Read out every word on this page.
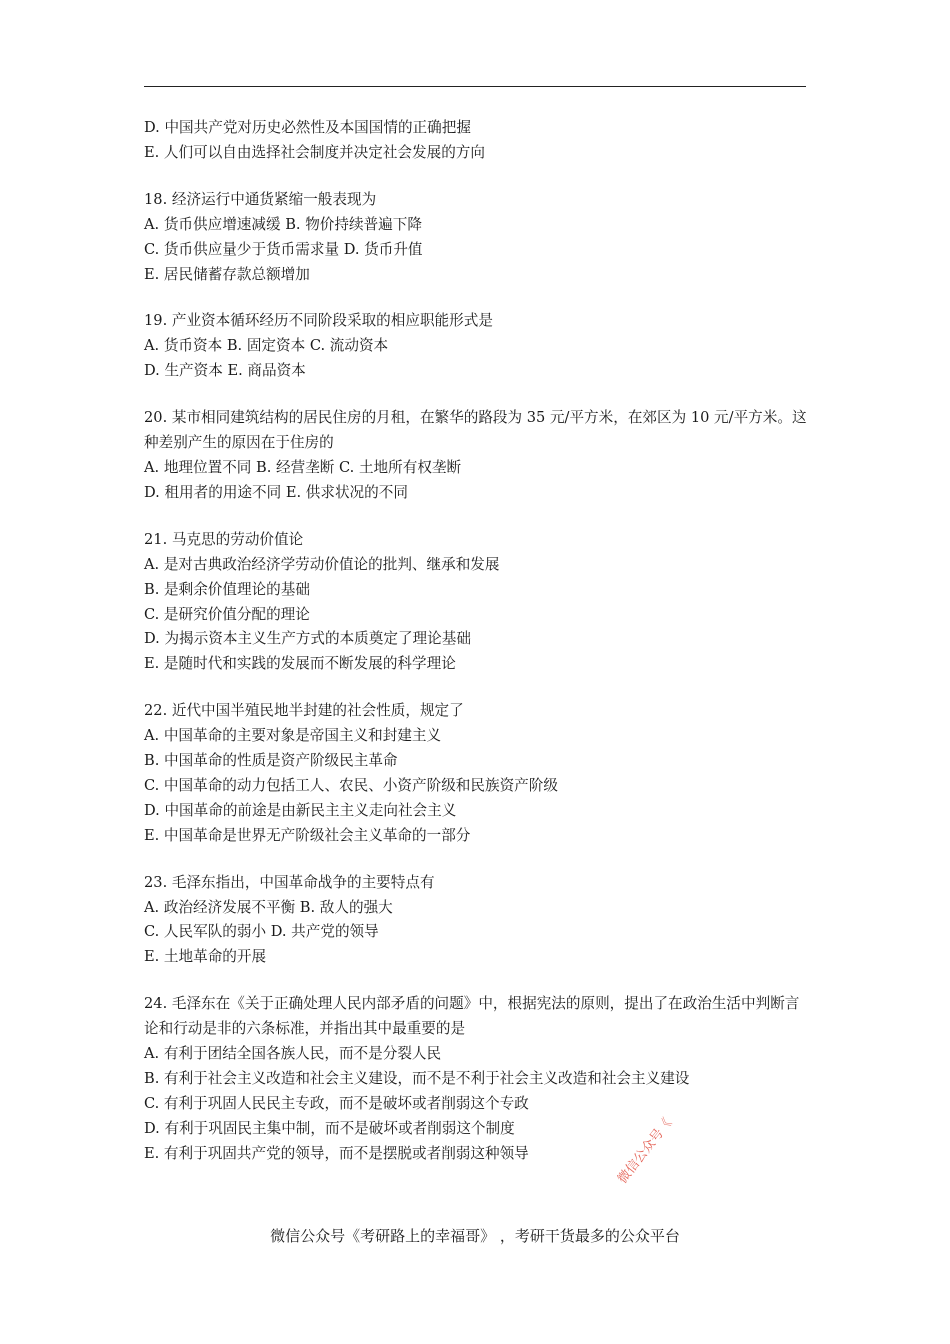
D. 中国共产党对历史必然性及本国国情的正确把握
E. 人们可以自由选择社会制度并决定社会发展的方向
18. 经济运行中通货紧缩一般表现为
A. 货币供应增速减缓 B. 物价持续普遍下降
C. 货币供应量少于货币需求量 D. 货币升值
E. 居民储蓄存款总额增加
19. 产业资本循环经历不同阶段采取的相应职能形式是
A. 货币资本 B. 固定资本 C. 流动资本
D. 生产资本 E. 商品资本
20. 某市相同建筑结构的居民住房的月租，在繁华的路段为 35 元/平方米，在郊区为 10 元/平方米。这种差别产生的原因在于住房的
A. 地理位置不同 B. 经营垄断 C. 土地所有权垄断
D. 租用者的用途不同 E. 供求状况的不同
21. 马克思的劳动价值论
A. 是对古典政治经济学劳动价值论的批判、继承和发展
B. 是剩余价值理论的基础
C. 是研究价值分配的理论
D. 为揭示资本主义生产方式的本质奠定了理论基础
E. 是随时代和实践的发展而不断发展的科学理论
22. 近代中国半殖民地半封建的社会性质，规定了
A. 中国革命的主要对象是帝国主义和封建主义
B. 中国革命的性质是资产阶级民主革命
C. 中国革命的动力包括工人、农民、小资产阶级和民族资产阶级
D. 中国革命的前途是由新民主主义走向社会主义
E. 中国革命是世界无产阶级社会主义革命的一部分
23. 毛泽东指出，中国革命战争的主要特点有
A. 政治经济发展不平衡 B. 敌人的强大
C. 人民军队的弱小 D. 共产党的领导
E. 土地革命的开展
24. 毛泽东在《关于正确处理人民内部矛盾的问题》中，根据宪法的原则，提出了在政治生活中判断言论和行动是非的六条标准，并指出其中最重要的是
A. 有利于团结全国各族人民，而不是分裂人民
B. 有利于社会主义改造和社会主义建设，而不是不利于社会主义改造和社会主义建设
C. 有利于巩固人民民主专政，而不是破坏或者削弱这个专政
D. 有利于巩固民主集中制，而不是破坏或者削弱这个制度
E. 有利于巩固共产党的领导，而不是摆脱或者削弱这种领导	微信公众号《
微信公众号《考研路上的幸福哥》 ，考研干货最多的公众平台
